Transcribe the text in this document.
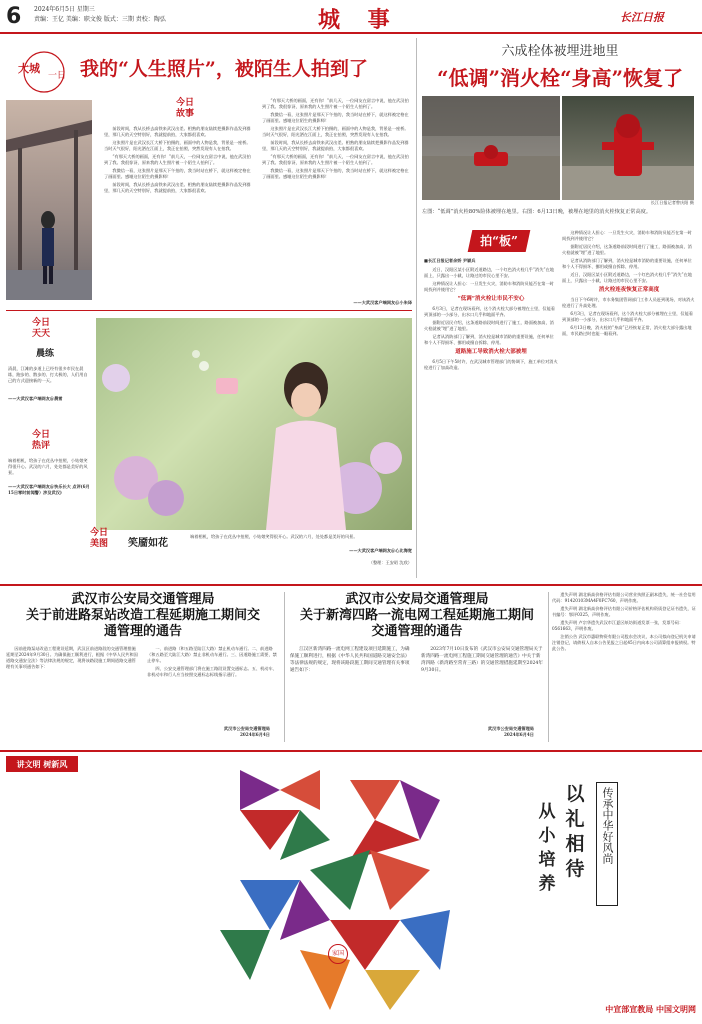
6 2024年6月5日 星期三
责编：王亿 美编：职文俊 版式：三期 责校：陶弘	城 事	长江日报
大城
一日 我的“人生照片”，被陌生人拍到了
今日
故事

前段时间，我从长桥去高铁来武汉出差。相熟的朋友陆续把摄影作品发到群里，那几天的天空特别好，我就提前拍，大家都很喜欢。

这张照片是在武汉长江大桥下拍摄的，画面中的人物是我，背景是一座桥。当时天气很好，阳光洒在江面上，我正在拍照，突然发现有人在拍我。

“有那天大桥的画面，还有你！”前几天，一位网友在留言中说，他在武汉拍到了我。我很惊讶，原来我的人生照片被一个陌生人拍到了。

我微信一看，这张照片是那天下午拍的，我当时站在桥下，就这样被定格在了画面里。感谢这位陌生的摄影师！

前段时间，我从长桥去高铁来武汉出差。相熟的朋友陆续把摄影作品发到群里，那几天的天空特别好，我就提前拍，大家都很喜欢。

“有那天大桥的画面，还有你！”前几天，一位网友在留言中说，他在武汉拍到了我。我很惊讶，原来我的人生照片被一个陌生人拍到了。

我微信一看，这张照片是那天下午拍的，我当时站在桥下，就这样被定格在了画面里。感谢这位陌生的摄影师！

这张照片是在武汉长江大桥下拍摄的，画面中的人物是我，背景是一座桥。当时天气很好，阳光洒在江面上，我正在拍照，突然发现有人在拍我。

前段时间，我从长桥去高铁来武汉出差。相熟的朋友陆续把摄影作品发到群里，那几天的天空特别好，我就提前拍，大家都很喜欢。

“有那天大桥的画面，还有你！”前几天，一位网友在留言中说，他在武汉拍到了我。我很惊讶，原来我的人生照片被一个陌生人拍到了。

我微信一看，这张照片是那天下午拍的，我当时站在桥下，就这样被定格在了画面里。感谢这位陌生的摄影师！

——大武汉客户端网友@小朱译
今日
天天
晨练
清晨，江滩的步道上已经有很多市民在晨练，跑步的、散步的、打太极的，人们用自己的方式迎接新的一天。
——大武汉客户端网友@晨雪
今日
热评
端着相机，给孩子在花丛中拍照，小姑娘笑得很开心。武汉的六月，处处都是美好的风景。
——大武汉客户端网友@快乐长大 点评(6月15日零时前闻警）涉及武汉)
今日
美图	笑靥如花
端着相机，给孩子在花丛中拍照，小姑娘笑得很开心。武汉的六月，处处都是美好的风景。
——大武汉客户端网友@心比海宽
（整理：王安昭 沈欣）
六成栓体被埋进地里
“低调”消火栓“身高”恢复了
长江日报记者曾庆阳 摄
左图：“低调”消火栓80%险体被埋在地里。右图：6月13日晚，被埋在地里的消火栓恢复正常高度。
拍“板”

■长江日报记者余娇 尹颖兵

近日，汉阳区某小区附近道路边，一个红色消火栓几乎“消失”在地面上，只露出一小截，让路过的市民心里不安。

这种情况让人担心：一旦发生火灾，消防车和消防员能否在第一时间找到并使用它？

“低调”消火栓让市民不安心

6月3日，记者在现场看到，这个消火栓大部分被埋在土里，仅能看到顶部的一小部分，出水口几乎和地面平齐。

据附近居民介绍，这条道路前段时间进行了施工，路面被加高，消火栓就被“埋”进了地里。

记者从消防部门了解到，消火栓是城市消防的重要设施，任何单位和个人不得损坏、挪用或擅自拆除、停用。

道路施工导致消火栓大部被埋

6月5日下午5时许，在武汉城市管理部门的协调下，施工单位对消火栓进行了加高改造。

这种情况让人担心：一旦发生火灾，消防车和消防员能否在第一时间找到并使用它？

据附近居民介绍，这条道路前段时间进行了施工，路面被加高，消火栓就被“埋”进了地里。

记者从消防部门了解到，消火栓是城市消防的重要设施，任何单位和个人不得损坏、挪用或擅自拆除、停用。

近日，汉阳区某小区附近道路边，一个红色消火栓几乎“消失”在地面上，只露出一小截，让路过的市民心里不安。

消火栓连夜恢复正常高度

当日下午6时许，市水务集团管网部门工作人员赶到现场，对该消火栓进行了升高处理。

6月3日，记者在现场看到，这个消火栓大部分被埋在土里，仅能看到顶部的一小部分，出水口几乎和地面平齐。

6月13日晚，消火栓的“身高”已经恢复正常，消火栓大部分露出地面，市民路过时也能一眼看到。

武汉市公安局交通管理局
关于前进路泵站改造工程延期施工期间交通管理的通告

因前进路泵站改造工程建设延期，武汉区前进路段的交通管理措施延期至2024年9月30日。为确保施工顺利进行，根据《中华人民共和国道路交通安全法》等法律法规的规定，现将该路段施工期间道路交通管理有关事项通告如下：

一、前进路（和五路至陆江大路）禁止机动车通行。二、前进路（和五路至大陆江大路）禁止非机动车通行。三、因道路施工需要，禁止停车。

四、公安交通管理部门将在施工路段设置交通标志。五、机动车、非机动车和行人应当按照交通标志标线指示通行。

武汉市公安局交通管理局
2024年6月4日
武汉市公安局交通管理局
关于新湾四路一流电网工程延期施工期间交通管理的通告

江汉区新湾四路一流电网工程建设项目延期施工，为确保施工顺利进行，根据《中华人民共和国道路交通安全法》等法律法规的规定，现将该路段施工期间交通管理有关事项通告如下：

2023年7月10日发布的《武汉市公安局交通管理局关于新湾四路一流电网工程施工期间交通管理的通告》中关于新湾四路（新湾路至常青三路）的交通管理措施延期至2024年9月30日。

武汉市公安局交通管理局
2024年6月4日

遗失声明 湖北新高价格评估有限公司营业执照正副本遗失，统一社会信用代码：91420103MA4F0FC760，声明作废。

遗失声明 湖北新高价格评估有限公司价格评估机构资质登记证书遗失，证书编号：鄂评0325，声明作废。

遗失声明 卢宗华遗失武汉市江夏区纸坊街道发票一张，发票号码：0561663，声明作废。

注销公告 武汉市惠联物资有限公司股东会决议，本公司拟向登记机关申请注销登记，请债权人自本公告见报之日起45日内向本公司清算组申报债权。特此公告。

讲文明 树新风
以
礼
相
待
从
小
培
养
传承中华好风尚
家国
中宣部宣教局 中国文明网
